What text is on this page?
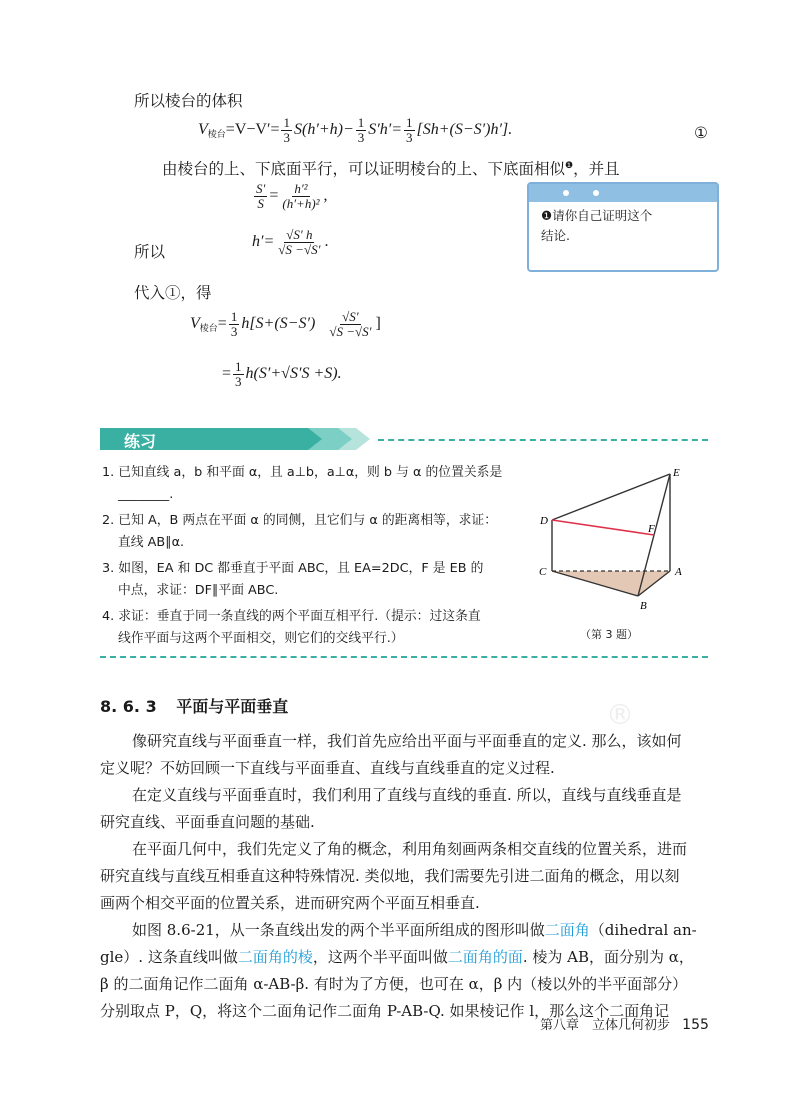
所以棱台的体积
$V_{棱台}=V-V'= \frac{1}{3} S(h'+h)- \frac{1}{3} S'h'= \frac{1}{3} [Sh+(S-S')h']$.	①
由棱台的上、下底面平行，可以证明棱台的上、下底面相似$^❶$，并且
$\frac{S'}{S} = \frac{\text{h′²}}{\text{(h′+h)²}}$ ,
所以
$h'= \frac{√S' h}{√S -√S'}$ .
代入①，得
$V_{棱台}= \frac{1}{3} h[S+(S-S') \frac{√S'}{√S -√S'}$ ]
= $\frac{1}{3} h(S'+√S'S +S)$.
❶请你自己证明这个
结论.
练习
1. 已知直线 a，b 和平面 α，且 a⊥b，a⊥α，则 b 与 α 的位置关系是
________.
2. 已知 A，B 两点在平面 α 的同侧，且它们与 α 的距离相等，求证：
直线 AB∥α.
3. 如图，EA 和 DC 都垂直于平面 ABC，且 EA=2DC，F 是 EB 的
中点，求证：DF∥平面 ABC.
4. 求证：垂直于同一条直线的两个平面互相平行.（提示：过这条直
线作平面与这两个平面相交，则它们的交线平行.）
E
D
F
C	A
B
（第 3 题）
8. 6. 3 平面与平面垂直	®
像研究直线与平面垂直一样，我们首先应给出平面与平面垂直的定义. 那么，该如何
定义呢？不妨回顾一下直线与平面垂直、直线与直线垂直的定义过程.
在定义直线与平面垂直时，我们利用了直线与直线的垂直. 所以，直线与直线垂直是
研究直线、平面垂直问题的基础.
在平面几何中，我们先定义了角的概念，利用角刻画两条相交直线的位置关系，进而
研究直线与直线互相垂直这种特殊情况. 类似地，我们需要先引进二面角的概念，用以刻
画两个相交平面的位置关系，进而研究两个平面互相垂直.
如图 8.6-21，从一条直线出发的两个半平面所组成的图形叫做二面角（dihedral an-
gle）. 这条直线叫做二面角的棱，这两个半平面叫做二面角的面. 棱为 AB，面分别为 α，
β 的二面角记作二面角 α-AB-β. 有时为了方便，也可在 α，β 内（棱以外的半平面部分）
分别取点 P，Q，将这个二面角记作二面角 P-AB-Q. 如果棱记作 l，那么这个二面角记
第八章　立体几何初步 155
